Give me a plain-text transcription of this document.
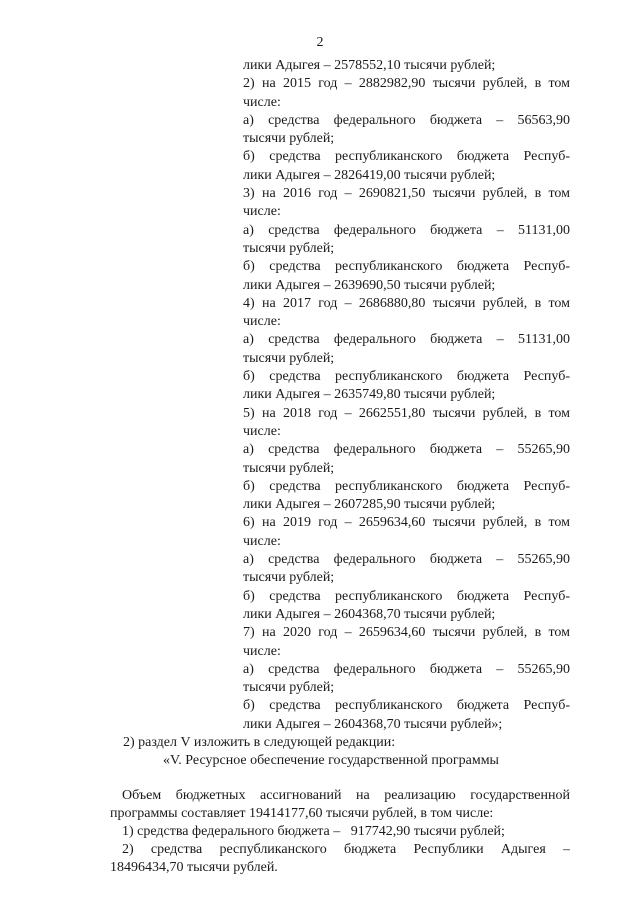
2
лики Адыгея – 2578552,10 тысячи рублей;
2) на 2015 год – 2882982,90 тысячи рублей, в том
числе:
а) средства федерального бюджета – 56563,90
тысячи рублей;
б) средства республиканского бюджета Респуб-
лики Адыгея – 2826419,00 тысячи рублей;
3) на 2016 год – 2690821,50 тысячи рублей, в том
числе:
а) средства федерального бюджета – 51131,00
тысячи рублей;
б) средства республиканского бюджета Респуб-
лики Адыгея – 2639690,50 тысячи рублей;
4) на 2017 год – 2686880,80 тысячи рублей, в том
числе:
а) средства федерального бюджета – 51131,00
тысячи рублей;
б) средства республиканского бюджета Респуб-
лики Адыгея – 2635749,80 тысячи рублей;
5) на 2018 год – 2662551,80 тысячи рублей, в том
числе:
а) средства федерального бюджета – 55265,90
тысячи рублей;
б) средства республиканского бюджета Респуб-
лики Адыгея – 2607285,90 тысячи рублей;
6) на 2019 год – 2659634,60 тысячи рублей, в том
числе:
а) средства федерального бюджета – 55265,90
тысячи рублей;
б) средства республиканского бюджета Респуб-
лики Адыгея – 2604368,70 тысячи рублей;
7) на 2020 год – 2659634,60 тысячи рублей, в том
числе:
а) средства федерального бюджета – 55265,90
тысячи рублей;
б) средства республиканского бюджета Респуб-
лики Адыгея – 2604368,70 тысячи рублей»;
2) раздел V изложить в следующей редакции:
«V. Ресурсное обеспечение государственной программы
Объем бюджетных ассигнований на реализацию государственной
программы составляет 19414177,60 тысячи рублей, в том числе:
1) средства федерального бюджета –   917742,90 тысячи рублей;
2) средства республиканского бюджета Республики Адыгея –
18496434,70 тысячи рублей.
